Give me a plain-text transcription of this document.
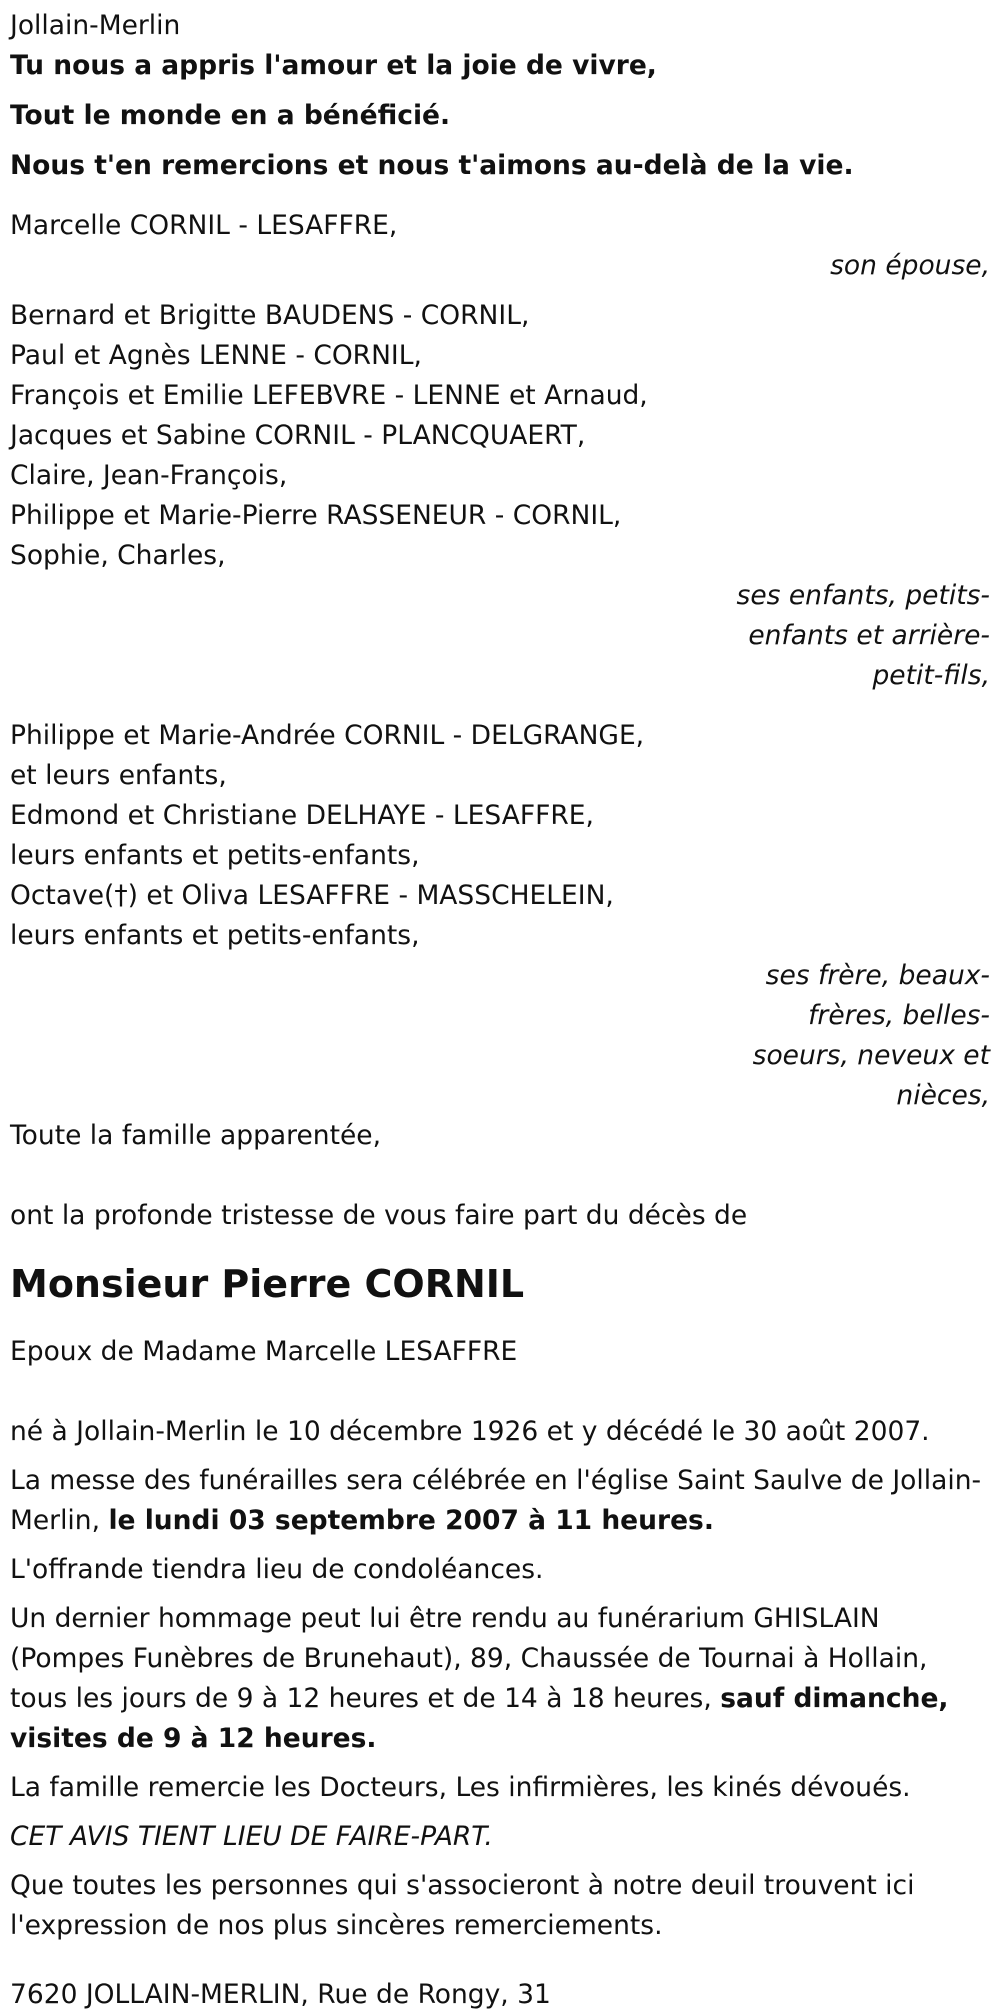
Jollain-Merlin
Tu nous a appris l'amour et la joie de vivre,
Tout le monde en a bénéficié.
Nous t'en remercions et nous t'aimons au-delà de la vie.
Marcelle CORNIL - LESAFFRE,
son épouse,
Bernard et Brigitte BAUDENS - CORNIL,
Paul et Agnès LENNE - CORNIL,
François et Emilie LEFEBVRE - LENNE et Arnaud,
Jacques et Sabine CORNIL - PLANCQUAERT,
Claire, Jean-François,
Philippe et Marie-Pierre RASSENEUR - CORNIL,
Sophie, Charles,
ses enfants, petits-
enfants et arrière-
petit-fils,
Philippe et Marie-Andrée CORNIL - DELGRANGE,
et leurs enfants,
Edmond et Christiane DELHAYE - LESAFFRE,
leurs enfants et petits-enfants,
Octave(†) et Oliva LESAFFRE - MASSCHELEIN,
leurs enfants et petits-enfants,
ses frère, beaux-
frères, belles-
soeurs, neveux et
nièces,
Toute la famille apparentée,
ont la profonde tristesse de vous faire part du décès de
Monsieur Pierre CORNIL
Epoux de Madame Marcelle LESAFFRE
né à Jollain-Merlin le 10 décembre 1926 et y décédé le 30 août 2007.
La messe des funérailles sera célébrée en l'église Saint Saulve de Jollain-
Merlin, le lundi 03 septembre 2007 à 11 heures.
L'offrande tiendra lieu de condoléances.
Un dernier hommage peut lui être rendu au funérarium GHISLAIN
(Pompes Funèbres de Brunehaut), 89, Chaussée de Tournai à Hollain,
tous les jours de 9 à 12 heures et de 14 à 18 heures, sauf dimanche,
visites de 9 à 12 heures.
La famille remercie les Docteurs, Les infirmières, les kinés dévoués.
CET AVIS TIENT LIEU DE FAIRE-PART.
Que toutes les personnes qui s'associeront à notre deuil trouvent ici
l'expression de nos plus sincères remerciements.
7620 JOLLAIN-MERLIN, Rue de Rongy, 31
